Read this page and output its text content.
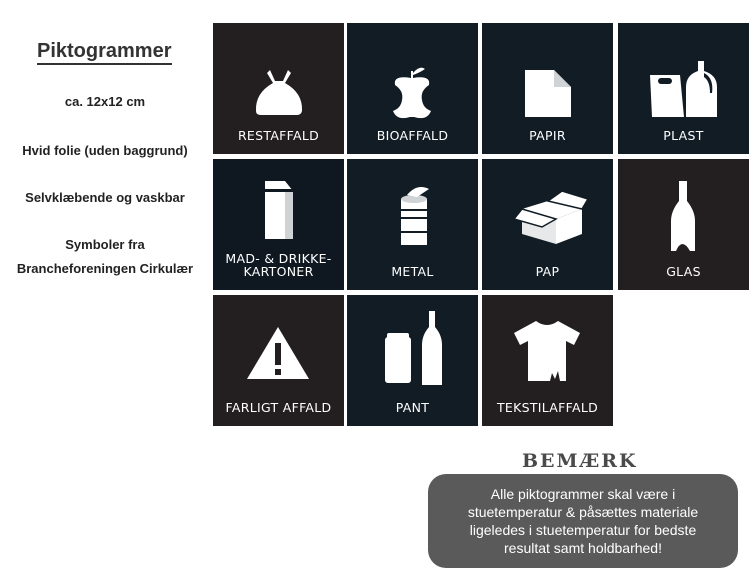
Piktogrammer
ca. 12x12 cm
Hvid folie (uden baggrund)
Selvklæbende og vaskbar
Symboler fra
Brancheforeningen Cirkulær
RESTAFFALD	BIOAFFALD	PAPIR	PLAST
MAD- & DRIKKE-
KARTONER	METAL	PAP	GLAS
FARLIGT AFFALD	PANT	TEKSTILAFFALD
BEMÆRK
Alle piktogrammer skal være i
stuetemperatur & påsættes materiale
ligeledes i stuetemperatur for bedste
resultat samt holdbarhed!
